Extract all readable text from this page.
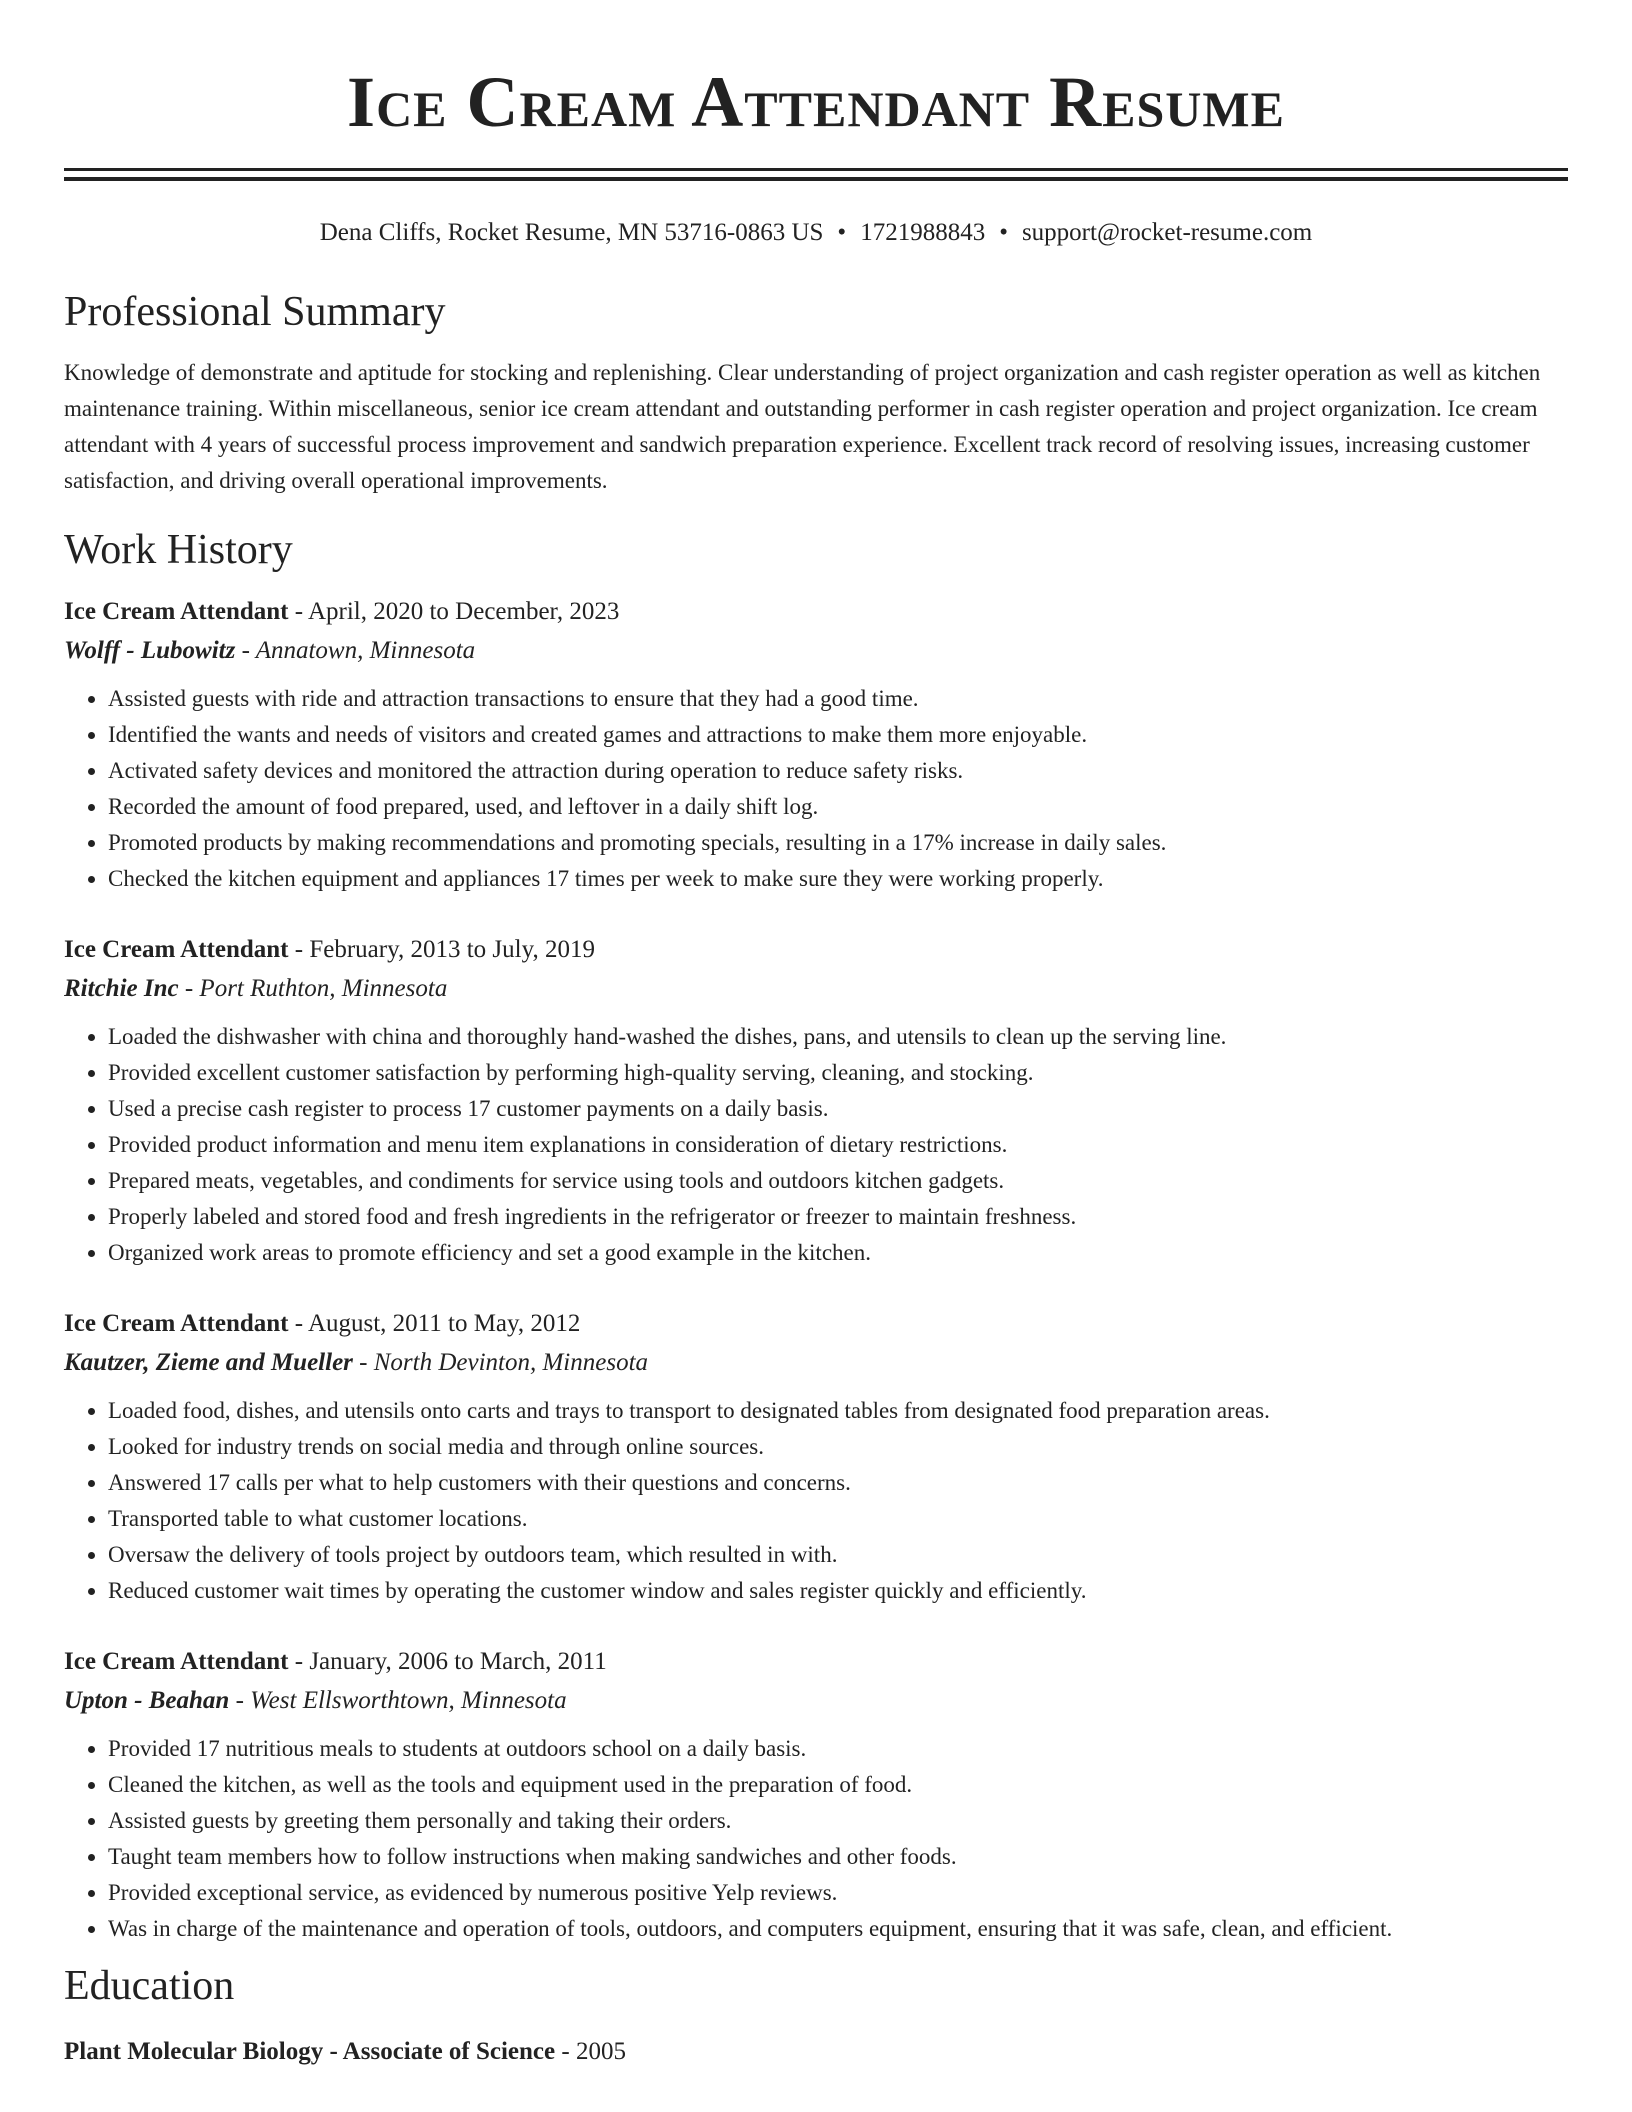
Ice Cream Attendant Resume
Dena Cliffs, Rocket Resume, MN 53716-0863 US • 1721988843 • support@rocket-resume.com
Professional Summary
Knowledge of demonstrate and aptitude for stocking and replenishing. Clear understanding of project organization and cash register operation as well as kitchen maintenance training. Within miscellaneous, senior ice cream attendant and outstanding performer in cash register operation and project organization. Ice cream attendant with 4 years of successful process improvement and sandwich preparation experience. Excellent track record of resolving issues, increasing customer satisfaction, and driving overall operational improvements.
Work History
Ice Cream Attendant - April, 2020 to December, 2023
Wolff - Lubowitz - Annatown, Minnesota
• Assisted guests with ride and attraction transactions to ensure that they had a good time.
• Identified the wants and needs of visitors and created games and attractions to make them more enjoyable.
• Activated safety devices and monitored the attraction during operation to reduce safety risks.
• Recorded the amount of food prepared, used, and leftover in a daily shift log.
• Promoted products by making recommendations and promoting specials, resulting in a 17% increase in daily sales.
• Checked the kitchen equipment and appliances 17 times per week to make sure they were working properly.
Ice Cream Attendant - February, 2013 to July, 2019
Ritchie Inc - Port Ruthton, Minnesota
• Loaded the dishwasher with china and thoroughly hand-washed the dishes, pans, and utensils to clean up the serving line.
• Provided excellent customer satisfaction by performing high-quality serving, cleaning, and stocking.
• Used a precise cash register to process 17 customer payments on a daily basis.
• Provided product information and menu item explanations in consideration of dietary restrictions.
• Prepared meats, vegetables, and condiments for service using tools and outdoors kitchen gadgets.
• Properly labeled and stored food and fresh ingredients in the refrigerator or freezer to maintain freshness.
• Organized work areas to promote efficiency and set a good example in the kitchen.
Ice Cream Attendant - August, 2011 to May, 2012
Kautzer, Zieme and Mueller - North Devinton, Minnesota
• Loaded food, dishes, and utensils onto carts and trays to transport to designated tables from designated food preparation areas.
• Looked for industry trends on social media and through online sources.
• Answered 17 calls per what to help customers with their questions and concerns.
• Transported table to what customer locations.
• Oversaw the delivery of tools project by outdoors team, which resulted in with.
• Reduced customer wait times by operating the customer window and sales register quickly and efficiently.
Ice Cream Attendant - January, 2006 to March, 2011
Upton - Beahan - West Ellsworthtown, Minnesota
• Provided 17 nutritious meals to students at outdoors school on a daily basis.
• Cleaned the kitchen, as well as the tools and equipment used in the preparation of food.
• Assisted guests by greeting them personally and taking their orders.
• Taught team members how to follow instructions when making sandwiches and other foods.
• Provided exceptional service, as evidenced by numerous positive Yelp reviews.
• Was in charge of the maintenance and operation of tools, outdoors, and computers equipment, ensuring that it was safe, clean, and efficient.
Education
Plant Molecular Biology - Associate of Science - 2005
